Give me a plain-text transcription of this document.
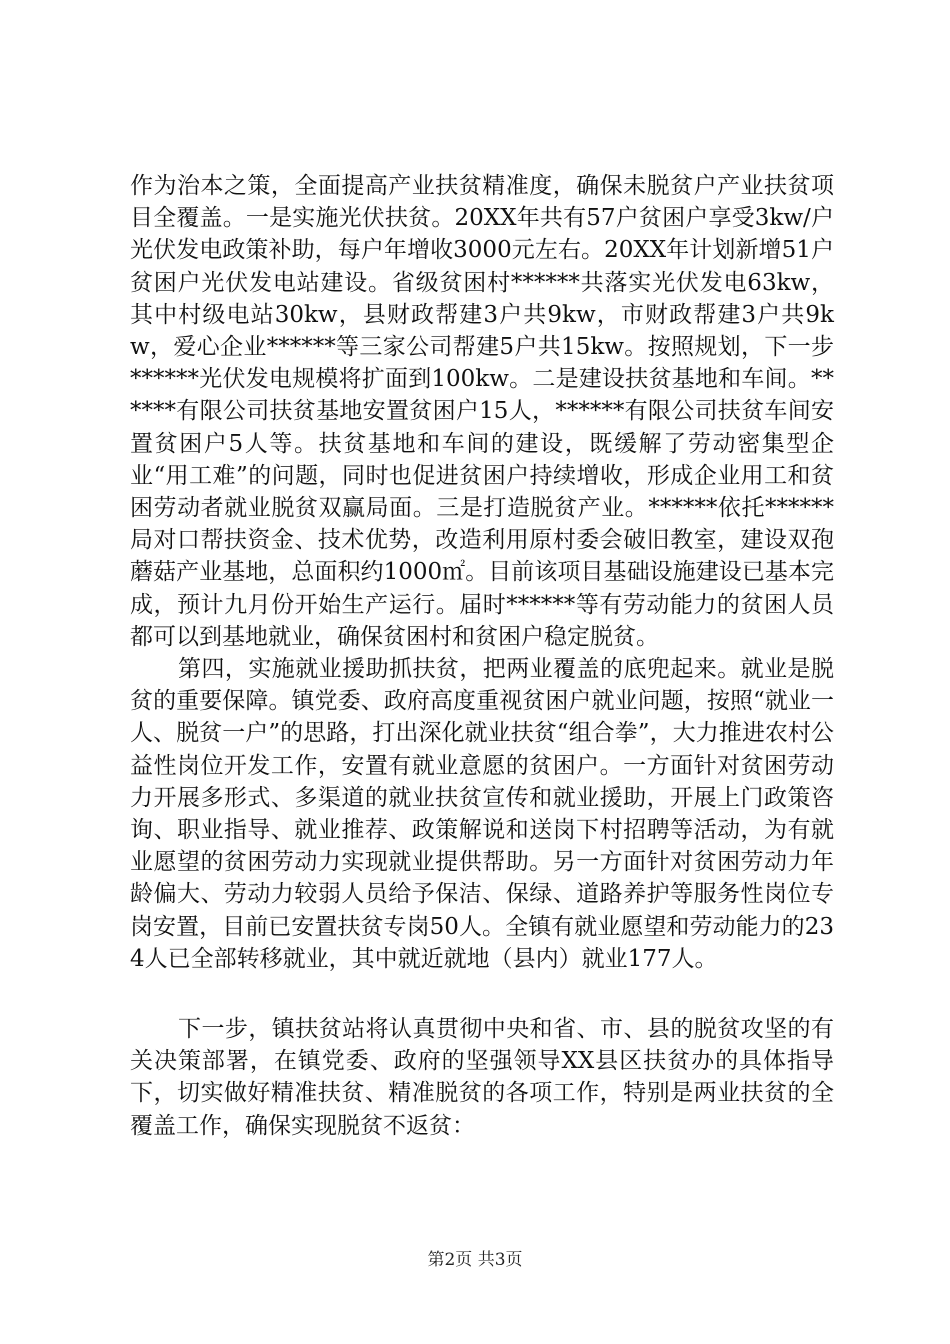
作为治本之策，全面提高产业扶贫精准度，确保未脱贫户产业扶贫项目全覆盖。一是实施光伏扶贫。20XX年共有57户贫困户享受3kw/户光伏发电政策补助，每户年增收3000元左右。20XX年计划新增51户贫困户光伏发电站建设。省级贫困村******共落实光伏发电63kw，其中村级电站30kw，县财政帮建3户共9kw，市财政帮建3户共9kw，爱心企业******等三家公司帮建5户共15kw。按照规划，下一步******光伏发电规模将扩面到100kw。二是建设扶贫基地和车间。******有限公司扶贫基地安置贫困户15人，******有限公司扶贫车间安置贫困户5人等。扶贫基地和车间的建设，既缓解了劳动密集型企业“用工难”的问题，同时也促进贫困户持续增收，形成企业用工和贫困劳动者就业脱贫双赢局面。三是打造脱贫产业。******依托******局对口帮扶资金、技术优势，改造利用原村委会破旧教室，建设双孢蘑菇产业基地，总面积约1000㎡。目前该项目基础设施建设已基本完成，预计九月份开始生产运行。届时******等有劳动能力的贫困人员都可以到基地就业，确保贫困村和贫困户稳定脱贫。

第四，实施就业援助抓扶贫，把两业覆盖的底兜起来。就业是脱贫的重要保障。镇党委、政府高度重视贫困户就业问题，按照“就业一人、脱贫一户”的思路，打出深化就业扶贫“组合拳”，大力推进农村公益性岗位开发工作，安置有就业意愿的贫困户。一方面针对贫困劳动力开展多形式、多渠道的就业扶贫宣传和就业援助，开展上门政策咨询、职业指导、就业推荐、政策解说和送岗下村招聘等活动，为有就业愿望的贫困劳动力实现就业提供帮助。另一方面针对贫困劳动力年龄偏大、劳动力较弱人员给予保洁、保绿、道路养护等服务性岗位专岗安置，目前已安置扶贫专岗50人。全镇有就业愿望和劳动能力的234人已全部转移就业，其中就近就地（县内）就业177人。

下一步，镇扶贫站将认真贯彻中央和省、市、县的脱贫攻坚的有关决策部署，在镇党委、政府的坚强领导XX县区扶贫办的具体指导下，切实做好精准扶贫、精准脱贫的各项工作，特别是两业扶贫的全覆盖工作，确保实现脱贫不返贫：

第2页 共3页
